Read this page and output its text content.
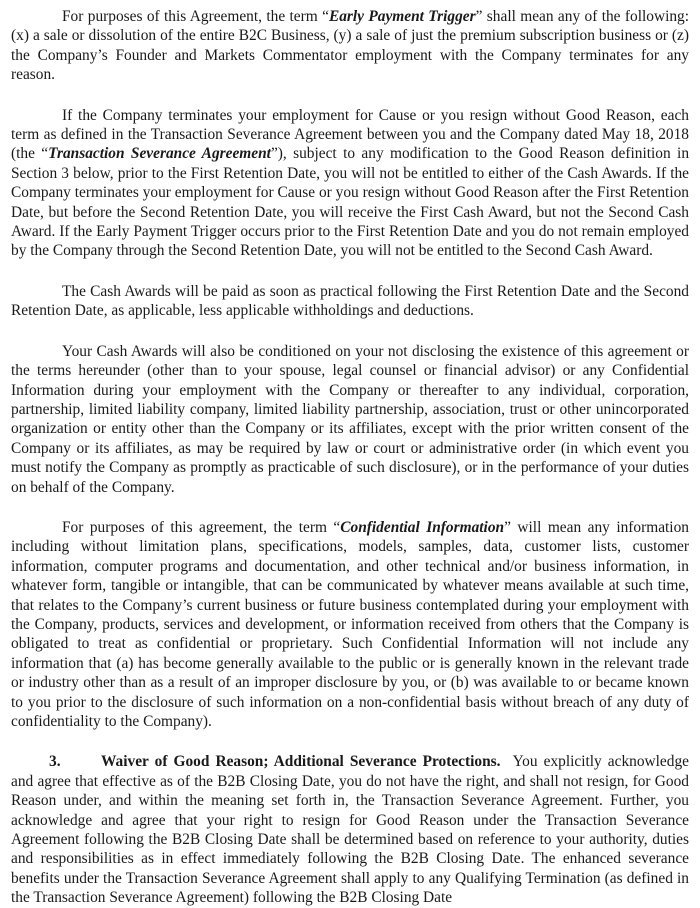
For purposes of this Agreement, the term “Early Payment Trigger” shall mean any of the following: (x) a sale or dissolution of the entire B2C Business, (y) a sale of just the premium subscription business or (z) the Company’s Founder and Markets Commentator employment with the Company terminates for any reason.

If the Company terminates your employment for Cause or you resign without Good Reason, each term as defined in the Transaction Severance Agreement between you and the Company dated May 18, 2018 (the “Transaction Severance Agreement”), subject to any modification to the Good Reason definition in Section 3 below, prior to the First Retention Date, you will not be entitled to either of the Cash Awards. If the Company terminates your employment for Cause or you resign without Good Reason after the First Retention Date, but before the Second Retention Date, you will receive the First Cash Award, but not the Second Cash Award. If the Early Payment Trigger occurs prior to the First Retention Date and you do not remain employed by the Company through the Second Retention Date, you will not be entitled to the Second Cash Award.

The Cash Awards will be paid as soon as practical following the First Retention Date and the Second Retention Date, as applicable, less applicable withholdings and deductions.

Your Cash Awards will also be conditioned on your not disclosing the existence of this agreement or the terms hereunder (other than to your spouse, legal counsel or financial advisor) or any Confidential Information during your employment with the Company or thereafter to any individual, corporation, partnership, limited liability company, limited liability partnership, association, trust or other unincorporated organization or entity other than the Company or its affiliates, except with the prior written consent of the Company or its affiliates, as may be required by law or court or administrative order (in which event you must notify the Company as promptly as practicable of such disclosure), or in the performance of your duties on behalf of the Company.

For purposes of this agreement, the term “Confidential Information” will mean any information including without limitation plans, specifications, models, samples, data, customer lists, customer information, computer programs and documentation, and other technical and/or business information, in whatever form, tangible or intangible, that can be communicated by whatever means available at such time, that relates to the Company’s current business or future business contemplated during your employment with the Company, products, services and development, or information received from others that the Company is obligated to treat as confidential or proprietary. Such Confidential Information will not include any information that (a) has become generally available to the public or is generally known in the relevant trade or industry other than as a result of an improper disclosure by you, or (b) was available to or became known to you prior to the disclosure of such information on a non-confidential basis without breach of any duty of confidentiality to the Company).

3.	Waiver of Good Reason; Additional Severance Protections. You explicitly acknowledge and agree that effective as of the B2B Closing Date, you do not have the right, and shall not resign, for Good Reason under, and within the meaning set forth in, the Transaction Severance Agreement. Further, you acknowledge and agree that your right to resign for Good Reason under the Transaction Severance Agreement following the B2B Closing Date shall be determined based on reference to your authority, duties and responsibilities as in effect immediately following the B2B Closing Date. The enhanced severance benefits under the Transaction Severance Agreement shall apply to any Qualifying Termination (as defined in the Transaction Severance Agreement) following the B2B Closing Date
